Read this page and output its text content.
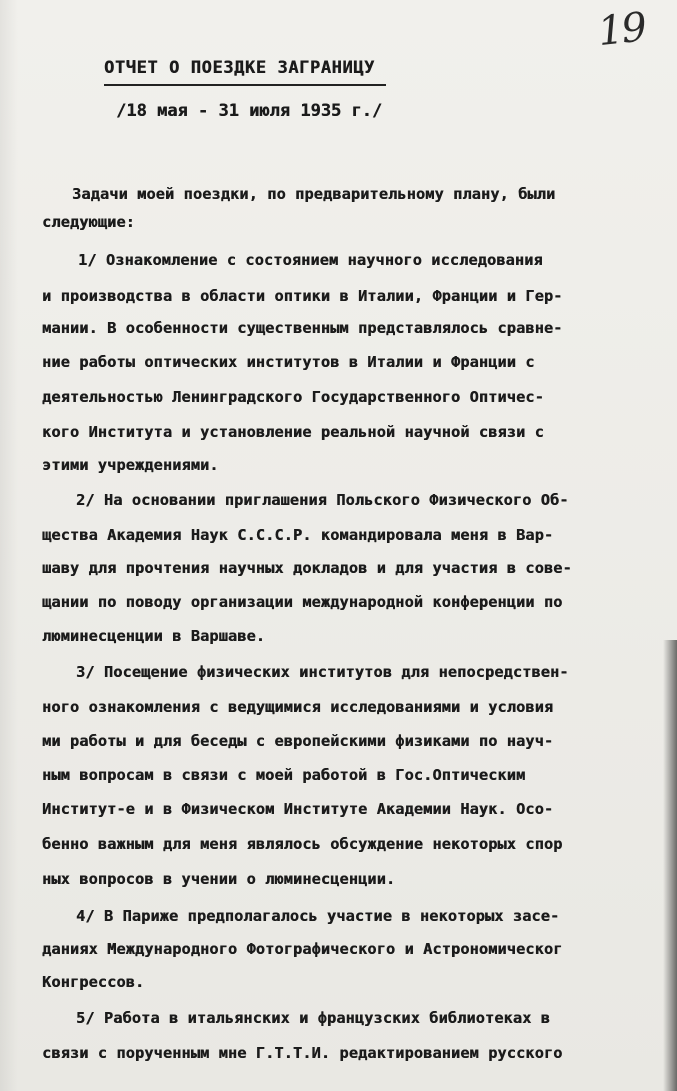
19
ОТЧЕТ О ПОЕЗДКЕ ЗАГРАНИЦУ
/18 мая - 31 июля 1935 г./
Задачи моей поездки, по предварительному плану, были
следующие:
1/ Ознакомление с состоянием научного исследования
и производства в области оптики в Италии, Франции и Гер-
мании. В особенности существенным представлялось сравне-
ние работы оптических институтов в Италии и Франции с
деятельностью Ленинградского Государственного Оптичес-
кого Института и установление реальной научной связи с
этими учреждениями.
2/ На основании приглашения Польского Физического Об-
щества Академия Наук С.С.С.Р. командировала меня в Вар-
шаву для прочтения научных докладов и для участия в сове-
щании по поводу организации международной конференции по
люминесценции в Варшаве.
3/ Посещение физических институтов для непосредствен-
ного ознакомления с ведущимися исследованиями и условия
ми работы и для беседы с европейскими физиками по науч-
ным вопросам в связи с моей работой в Гос.Оптическим
Институт-е и в Физическом Институте Академии Наук. Осо-
бенно важным для меня являлось обсуждение некоторых спор
ных вопросов в учении о люминесценции.
4/ В Париже предполагалось участие в некоторых засе-
даниях Международного Фотографического и Астрономическог
Конгрессов.
5/ Работа в итальянских и французских библиотеках в
связи с порученным мне Г.Т.Т.И. редактированием русского
